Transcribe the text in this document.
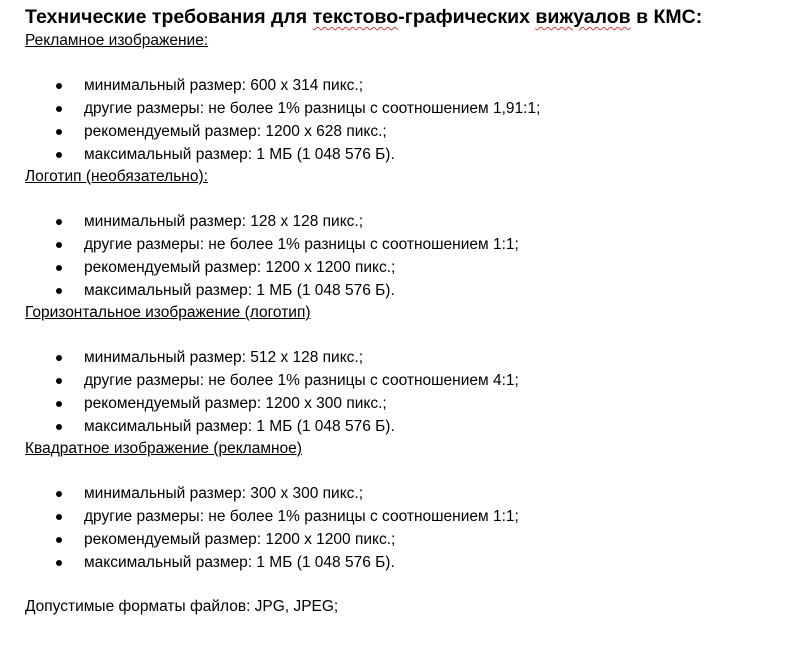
Технические требования для текстово-графических вижуалов в КМС:

Рекламное изображение:

минимальный размер: 600 х 314 пикс.;
другие размеры: не более 1% разницы с соотношением 1,91:1;
рекомендуемый размер: 1200 х 628 пикс.;
максимальный размер: 1 МБ (1 048 576 Б).

Логотип (необязательно):

минимальный размер: 128 х 128 пикс.;
другие размеры: не более 1% разницы с соотношением 1:1;
рекомендуемый размер: 1200 х 1200 пикс.;
максимальный размер: 1 МБ (1 048 576 Б).

Горизонтальное изображение (логотип)

минимальный размер: 512 х 128 пикс.;
другие размеры: не более 1% разницы с соотношением 4:1;
рекомендуемый размер: 1200 х 300 пикс.;
максимальный размер: 1 МБ (1 048 576 Б).

Квадратное изображение (рекламное)

минимальный размер: 300 х 300 пикс.;
другие размеры: не более 1% разницы с соотношением 1:1;
рекомендуемый размер: 1200 х 1200 пикс.;
максимальный размер: 1 МБ (1 048 576 Б).

Допустимые форматы файлов: JPG, JPEG;
